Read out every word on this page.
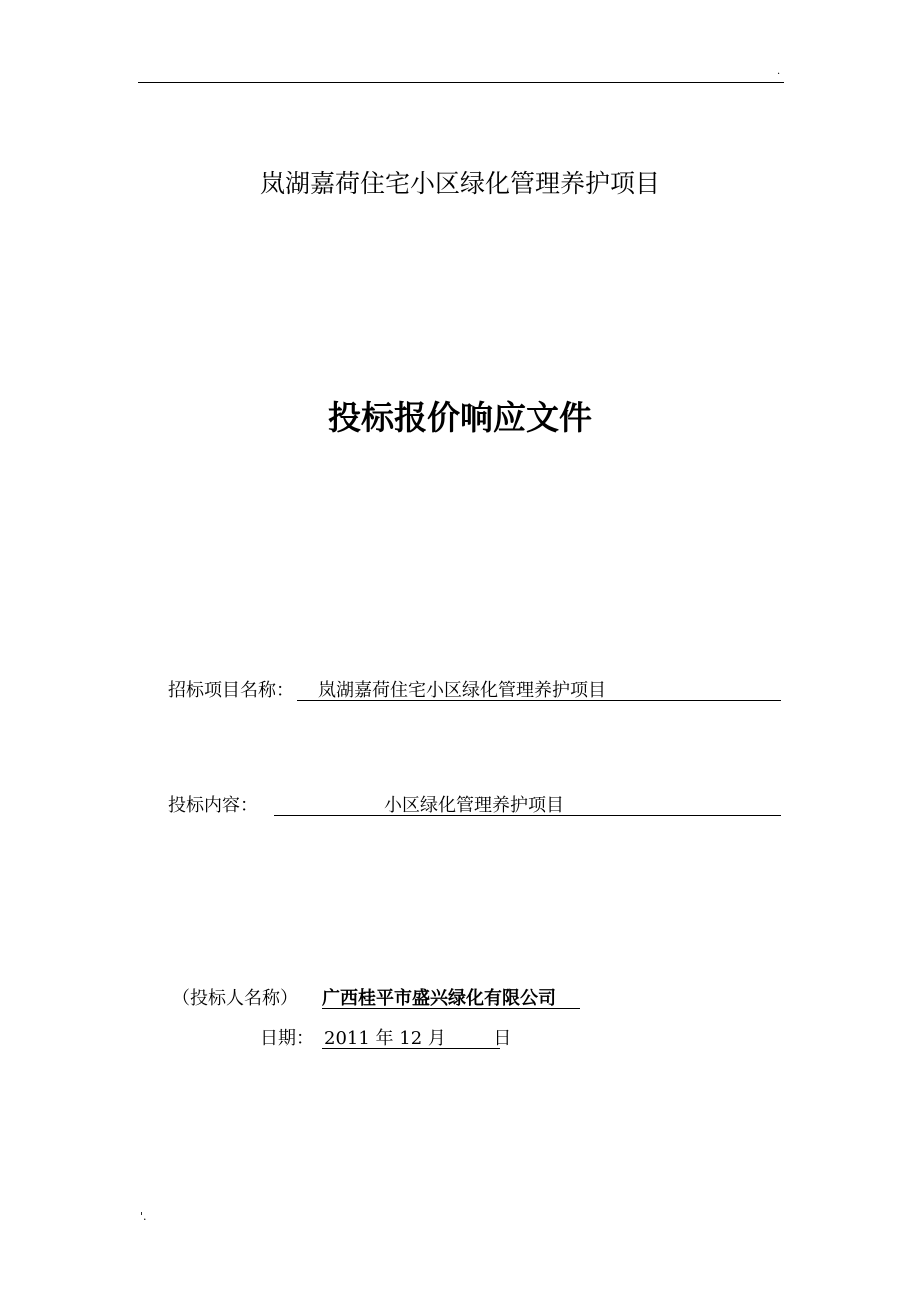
.
岚湖嘉荷住宅小区绿化管理养护项目
投标报价响应文件
招标项目名称： 岚湖嘉荷住宅小区绿化管理养护项目
投标内容：	小区绿化管理养护项目
（投标人名称） 广西桂平市盛兴绿化有限公司
日期： 2011 年 12 月	日
'.
